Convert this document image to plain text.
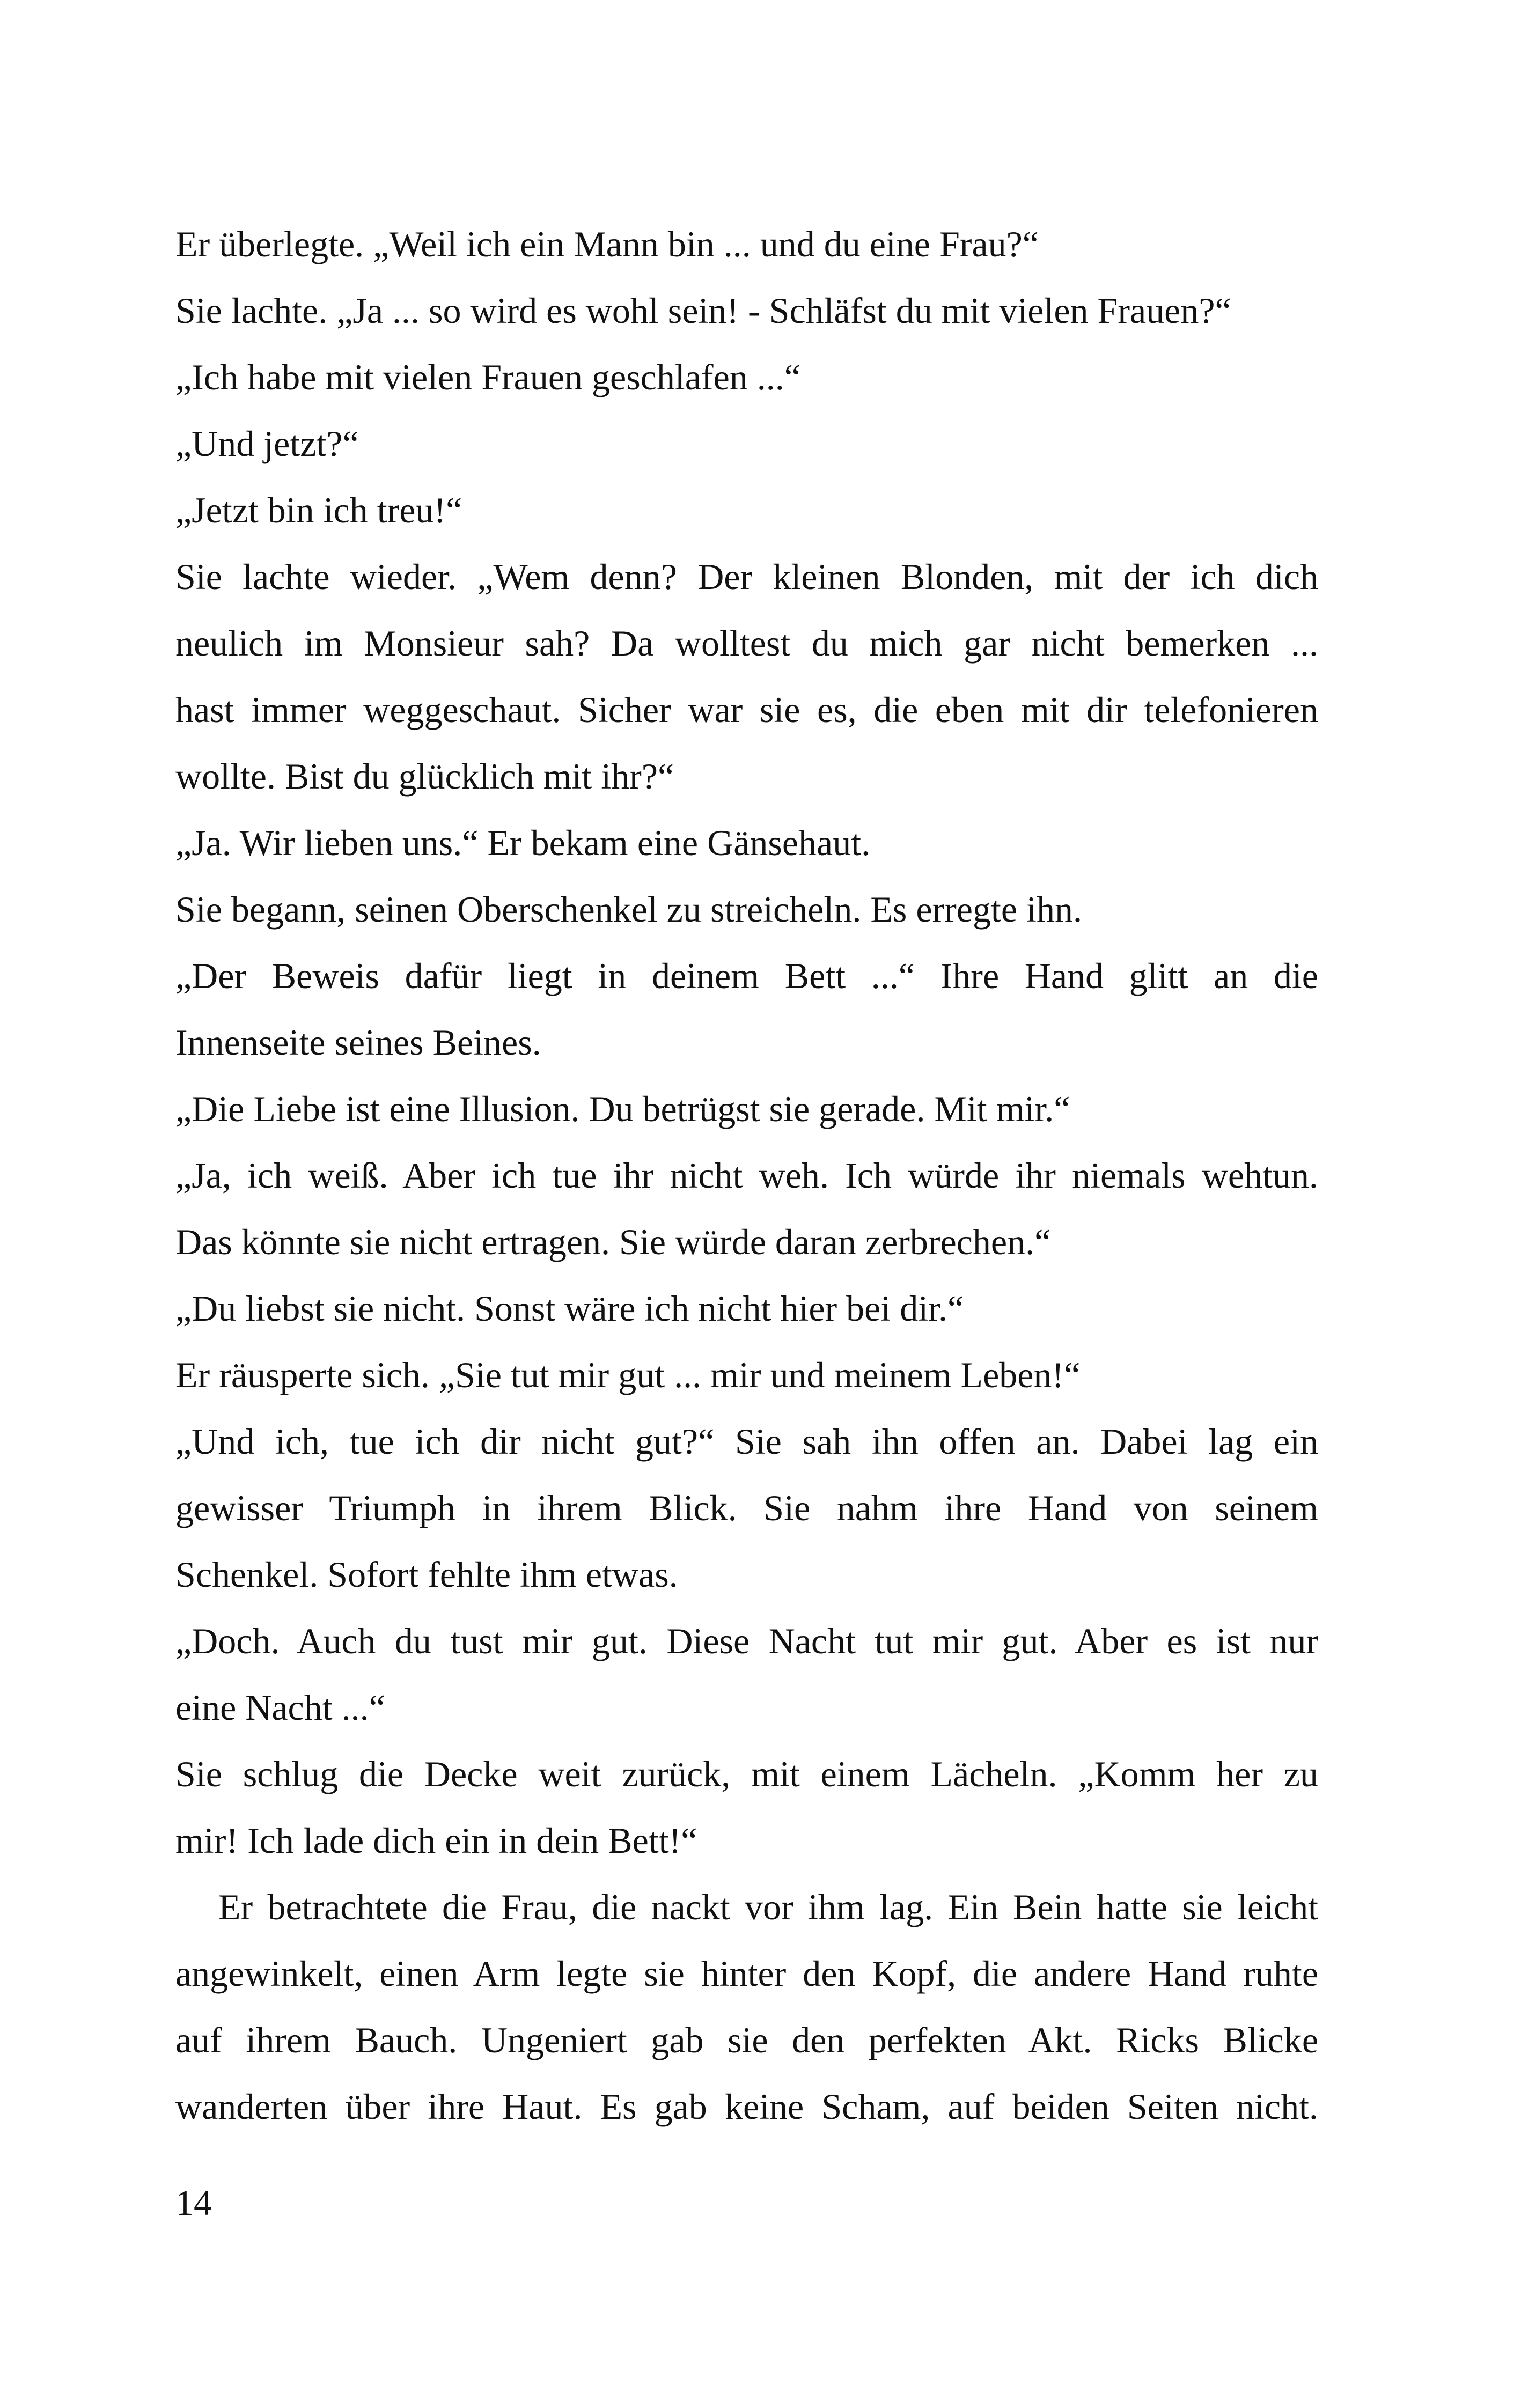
Er überlegte. „Weil ich ein Mann bin ... und du eine Frau?“
Sie lachte. „Ja ... so wird es wohl sein! - Schläfst du mit vielen Frauen?“
„Ich habe mit vielen Frauen geschlafen ...“
„Und jetzt?“
„Jetzt bin ich treu!“
Sie lachte wieder. „Wem denn? Der kleinen Blonden, mit der ich dich
neulich im Monsieur sah? Da wolltest du mich gar nicht bemerken ...
hast immer weggeschaut. Sicher war sie es, die eben mit dir telefonieren
wollte. Bist du glücklich mit ihr?“
„Ja. Wir lieben uns.“ Er bekam eine Gänsehaut.
Sie begann, seinen Oberschenkel zu streicheln. Es erregte ihn.
„Der Beweis dafür liegt in deinem Bett ...“ Ihre Hand glitt an die
Innenseite seines Beines.
„Die Liebe ist eine Illusion. Du betrügst sie gerade. Mit mir.“
„Ja, ich weiß. Aber ich tue ihr nicht weh. Ich würde ihr niemals wehtun.
Das könnte sie nicht ertragen. Sie würde daran zerbrechen.“
„Du liebst sie nicht. Sonst wäre ich nicht hier bei dir.“
Er räusperte sich. „Sie tut mir gut ... mir und meinem Leben!“
„Und ich, tue ich dir nicht gut?“ Sie sah ihn offen an. Dabei lag ein
gewisser Triumph in ihrem Blick. Sie nahm ihre Hand von seinem
Schenkel. Sofort fehlte ihm etwas.
„Doch. Auch du tust mir gut. Diese Nacht tut mir gut. Aber es ist nur
eine Nacht ...“
Sie schlug die Decke weit zurück, mit einem Lächeln. „Komm her zu
mir! Ich lade dich ein in dein Bett!“
Er betrachtete die Frau, die nackt vor ihm lag. Ein Bein hatte sie leicht
angewinkelt, einen Arm legte sie hinter den Kopf, die andere Hand ruhte
auf ihrem Bauch. Ungeniert gab sie den perfekten Akt. Ricks Blicke
wanderten über ihre Haut. Es gab keine Scham, auf beiden Seiten nicht.
14
